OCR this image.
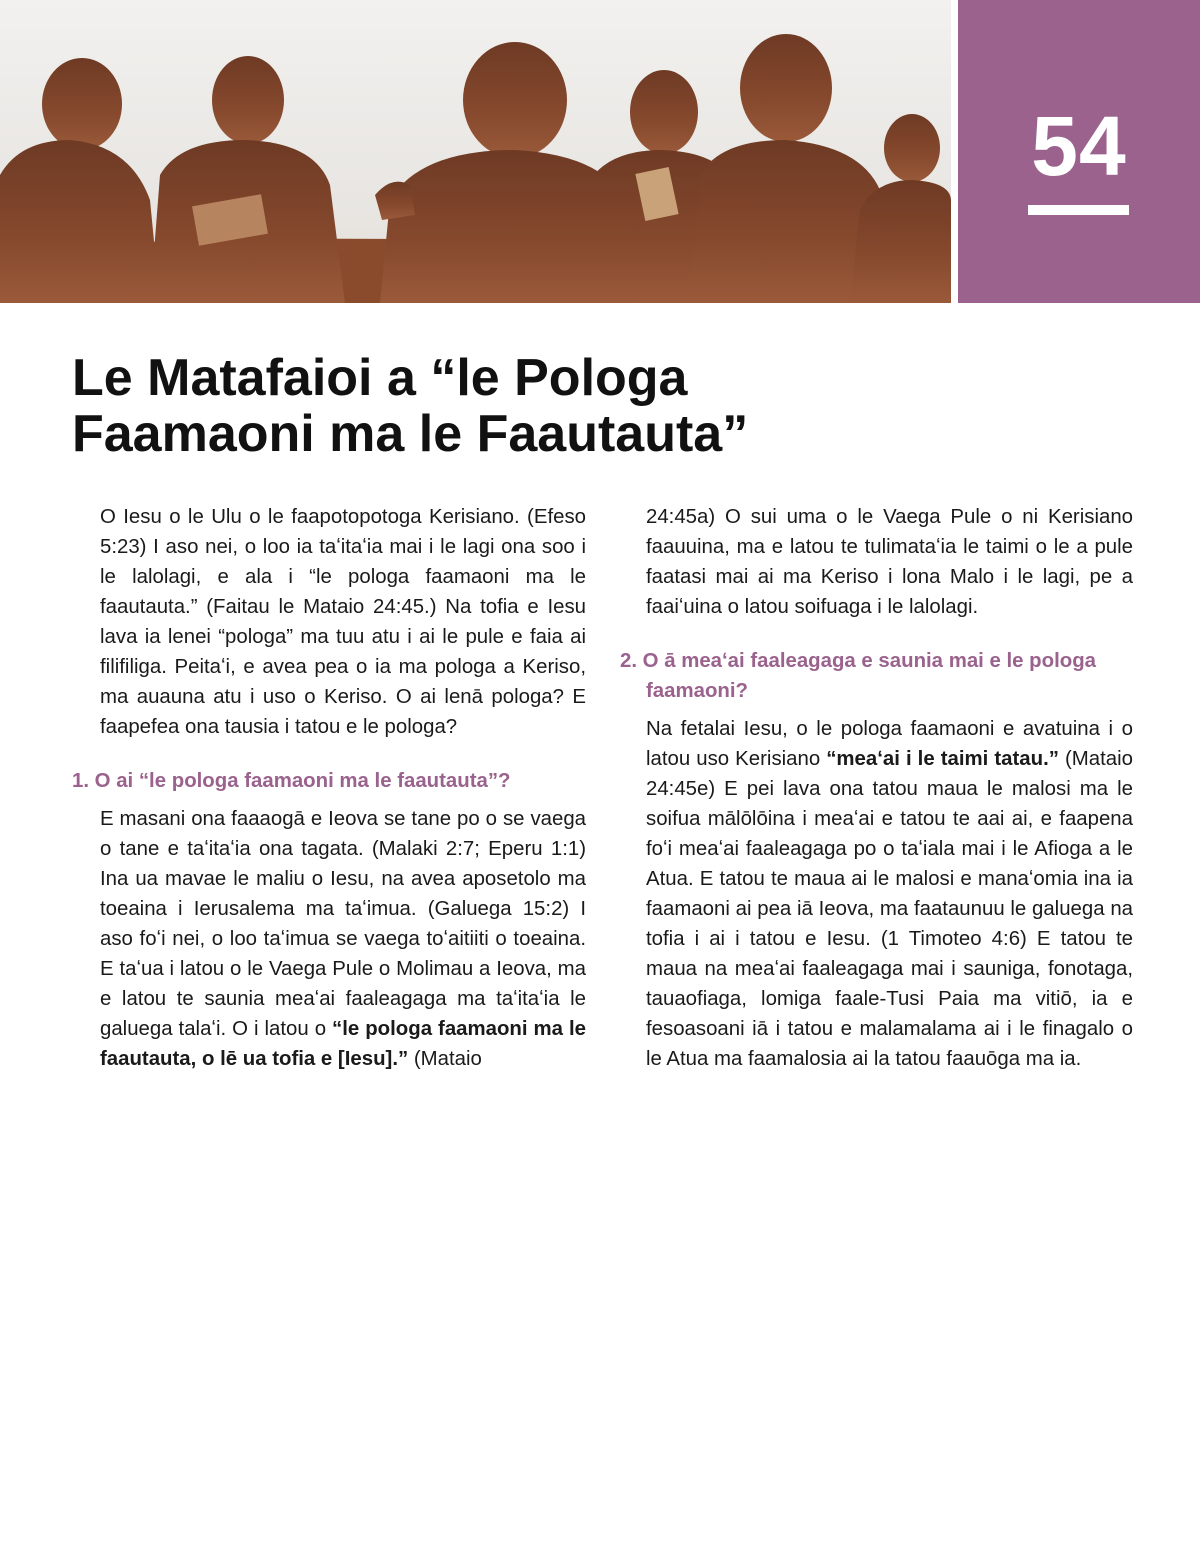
54
Le Matafaioi a “le Pologa
Faamaoni ma le Faautauta”

O Iesu o le Ulu o le faapotopotoga Kerisiano. (Efeso 5:23) I aso nei, o loo ia taʻitaʻia mai i le lagi ona soo i le lalolagi, e ala i “le pologa faamaoni ma le faautauta.” (Faitau le Mataio 24:45.) Na tofia e Iesu lava ia lenei “pologa” ma tuu atu i ai le pule e faia ai filifiliga. Peitaʻi, e avea pea o ia ma pologa a Keriso, ma auauna atu i uso o Keriso. O ai lenā pologa? E faapefea ona tausia i tatou e le pologa?

1. O ai “le pologa faamaoni ma le faautauta”?

E masani ona faaaogā e Ieova se tane po o se vaega o tane e taʻitaʻia ona tagata. (Malaki 2:7; Eperu 1:1) Ina ua mavae le maliu o Iesu, na avea aposetolo ma toeaina i Ierusalema ma taʻimua. (Galuega 15:2) I aso foʻi nei, o loo taʻimua se vaega toʻaitiiti o toeaina. E taʻua i latou o le Vaega Pule o Molimau a Ieova, ma e latou te saunia meaʻai faaleagaga ma taʻitaʻia le galuega talaʻi. O i latou o “le pologa faamaoni ma le faautauta, o lē ua tofia e [Iesu].” (Mataio

24:45a) O sui uma o le Vaega Pule o ni Kerisiano faauuina, ma e latou te tulimataʻia le taimi o le a pule faatasi mai ai ma Keriso i lona Malo i le lagi, pe a faaiʻuina o latou soifuaga i le lalolagi.

2. O ā meaʻai faaleagaga e saunia mai e le pologa faamaoni?

Na fetalai Iesu, o le pologa faamaoni e avatuina i o latou uso Kerisiano “meaʻai i le taimi tatau.” (Mataio 24:45e) E pei lava ona tatou maua le malosi ma le soifua mālōlōina i meaʻai e tatou te aai ai, e faapena foʻi meaʻai faaleagaga po o taʻiala mai i le Afioga a le Atua. E tatou te maua ai le malosi e manaʻomia ina ia faamaoni ai pea iā Ieova, ma faataunuu le galuega na tofia i ai i tatou e Iesu. (1 Timoteo 4:6) E tatou te maua na meaʻai faaleagaga mai i sauniga, fonotaga, tauaofiaga, lomiga faale-Tusi Paia ma vitiō, ia e fesoasoani iā i tatou e malamalama ai i le finagalo o le Atua ma faamalosia ai la tatou faauōga ma ia.
